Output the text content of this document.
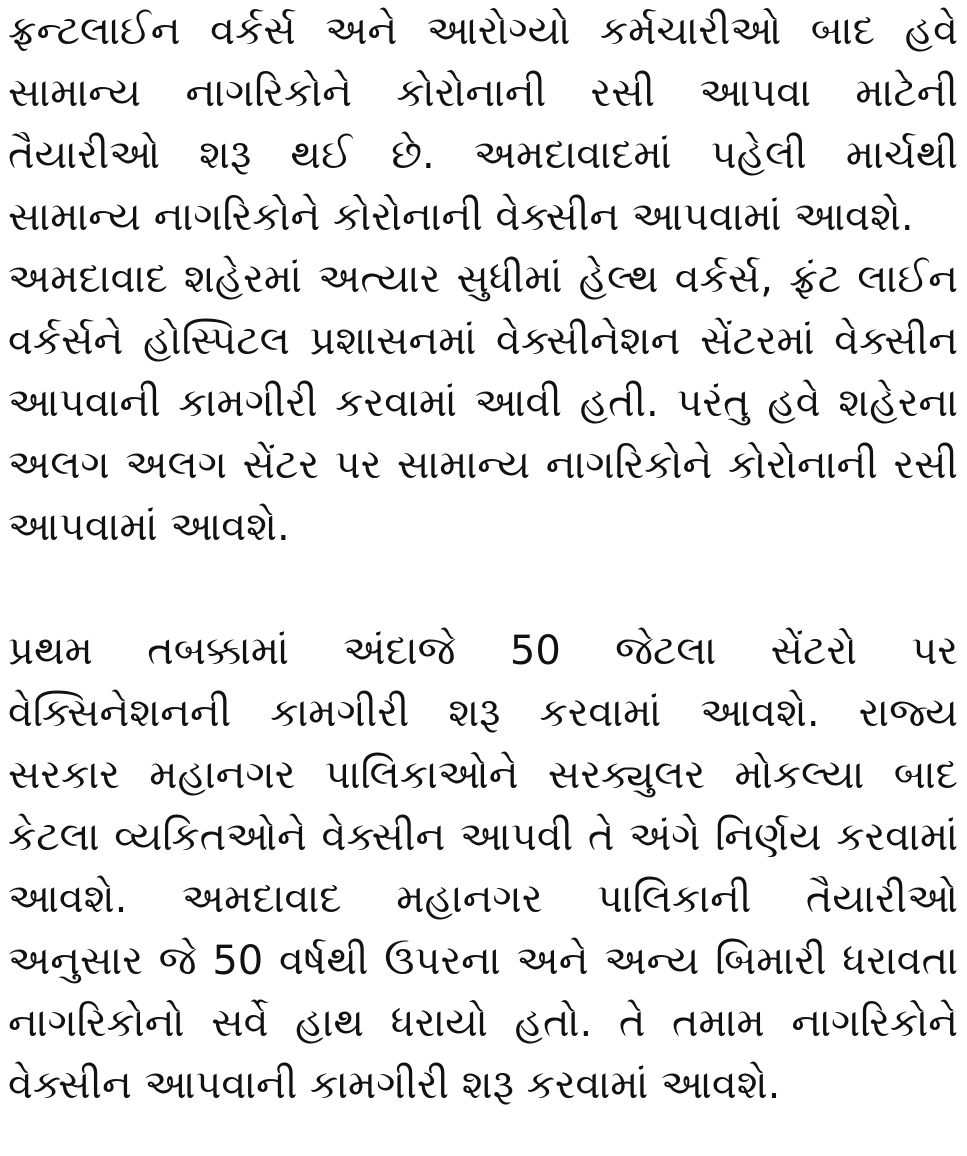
ફ્રન્ટલાઈન વર્કર્સ અને આરોગ્યો કર્મચારીઓ બાદ હવે
સામાન્ય નાગરિકોને કોરોનાની રસી આપવા માટેની
તૈયારીઓ શરૂ થઈ છે. અમદાવાદમાં પહેલી માર્ચથી
સામાન્ય નાગરિકોને કોરોનાની વેક્સીન આપવામાં આવશે.
અમદાવાદ શહેરમાં અત્યાર સુધીમાં હેલ્થ વર્કર્સ, ફ્રંટ લાઈન
વર્કર્સને હોસ્પિટલ પ્રશાસનમાં વેક્સીનેશન સેંટરમાં વેક્સીન
આપવાની કામગીરી કરવામાં આવી હતી. પરંતુ હવે શહેરના
અલગ અલગ સેંટર પર સામાન્ય નાગરિકોને કોરોનાની રસી
આપવામાં આવશે.
પ્રથમ તબક્કામાં અંદાજે 50 જેટલા સેંટરો પર
વેક્સિનેશનની કામગીરી શરૂ કરવામાં આવશે. રાજ્ય
સરકાર મહાનગર પાલિકાઓને સરક્યુલર મોકલ્યા બાદ
કેટલા વ્યકિતઓને વેક્સીન આપવી તે અંગે નિર્ણય કરવામાં
આવશે. અમદાવાદ મહાનગર પાલિકાની તૈયારીઓ
અનુસાર જે 50 વર્ષથી ઉપરના અને અન્ય બિમારી ધરાવતા
નાગરિકોનો સર્વે હાથ ધરાયો હતો. તે તમામ નાગરિકોને
વેક્સીન આપવાની કામગીરી શરૂ કરવામાં આવશે.
